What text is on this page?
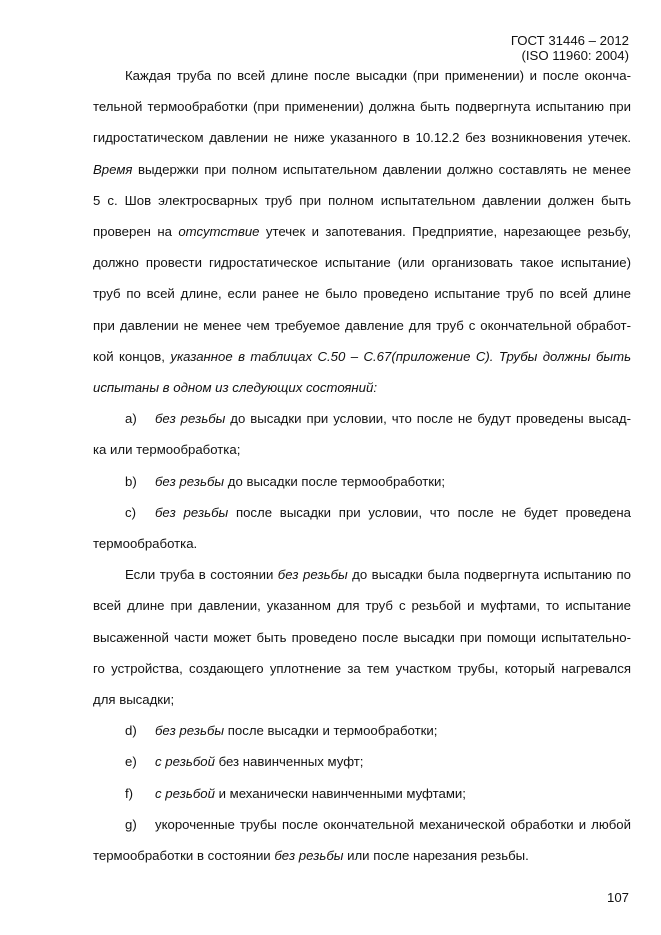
ГОСТ 31446 – 2012
(ISO 11960: 2004)

Каждая труба по всей длине после высадки (при применении) и после оконча-

тельной термообработки (при применении) должна быть подвергнута испытанию при

гидростатическом давлении не ниже указанного в 10.12.2 без возникновения утечек.

Время выдержки при полном испытательном давлении должно составлять не менее

5 с. Шов электросварных труб при полном испытательном давлении должен быть

проверен на отсутствие утечек и запотевания. Предприятие, нарезающее резьбу,

должно провести гидростатическое испытание (или организовать такое испытание)

труб по всей длине, если ранее не было проведено испытание труб по всей длине

при давлении не менее чем требуемое давление для труб с окончательной обработ-

кой концов, указанное в таблицах С.50 – С.67(приложение С). Трубы должны быть

испытаны в одном из следующих состояний:

a) без резьбы до высадки при условии, что после не будут проведены высад-

ка или термообработка;

b) без резьбы до высадки после термообработки;

c) без резьбы после высадки при условии, что после не будет проведена

термообработка.

Если труба в состоянии без резьбы до высадки была подвергнута испытанию по

всей длине при давлении, указанном для труб с резьбой и муфтами, то испытание

высаженной части может быть проведено после высадки при помощи испытательно-

го устройства, создающего уплотнение за тем участком трубы, который нагревался

для высадки;

d) без резьбы после высадки и термообработки;

e) с резьбой без навинченных муфт;

f) с резьбой и механически навинченными муфтами;

g) укороченные трубы после окончательной механической обработки и любой

термообработки в состоянии без резьбы или после нарезания резьбы.

107
